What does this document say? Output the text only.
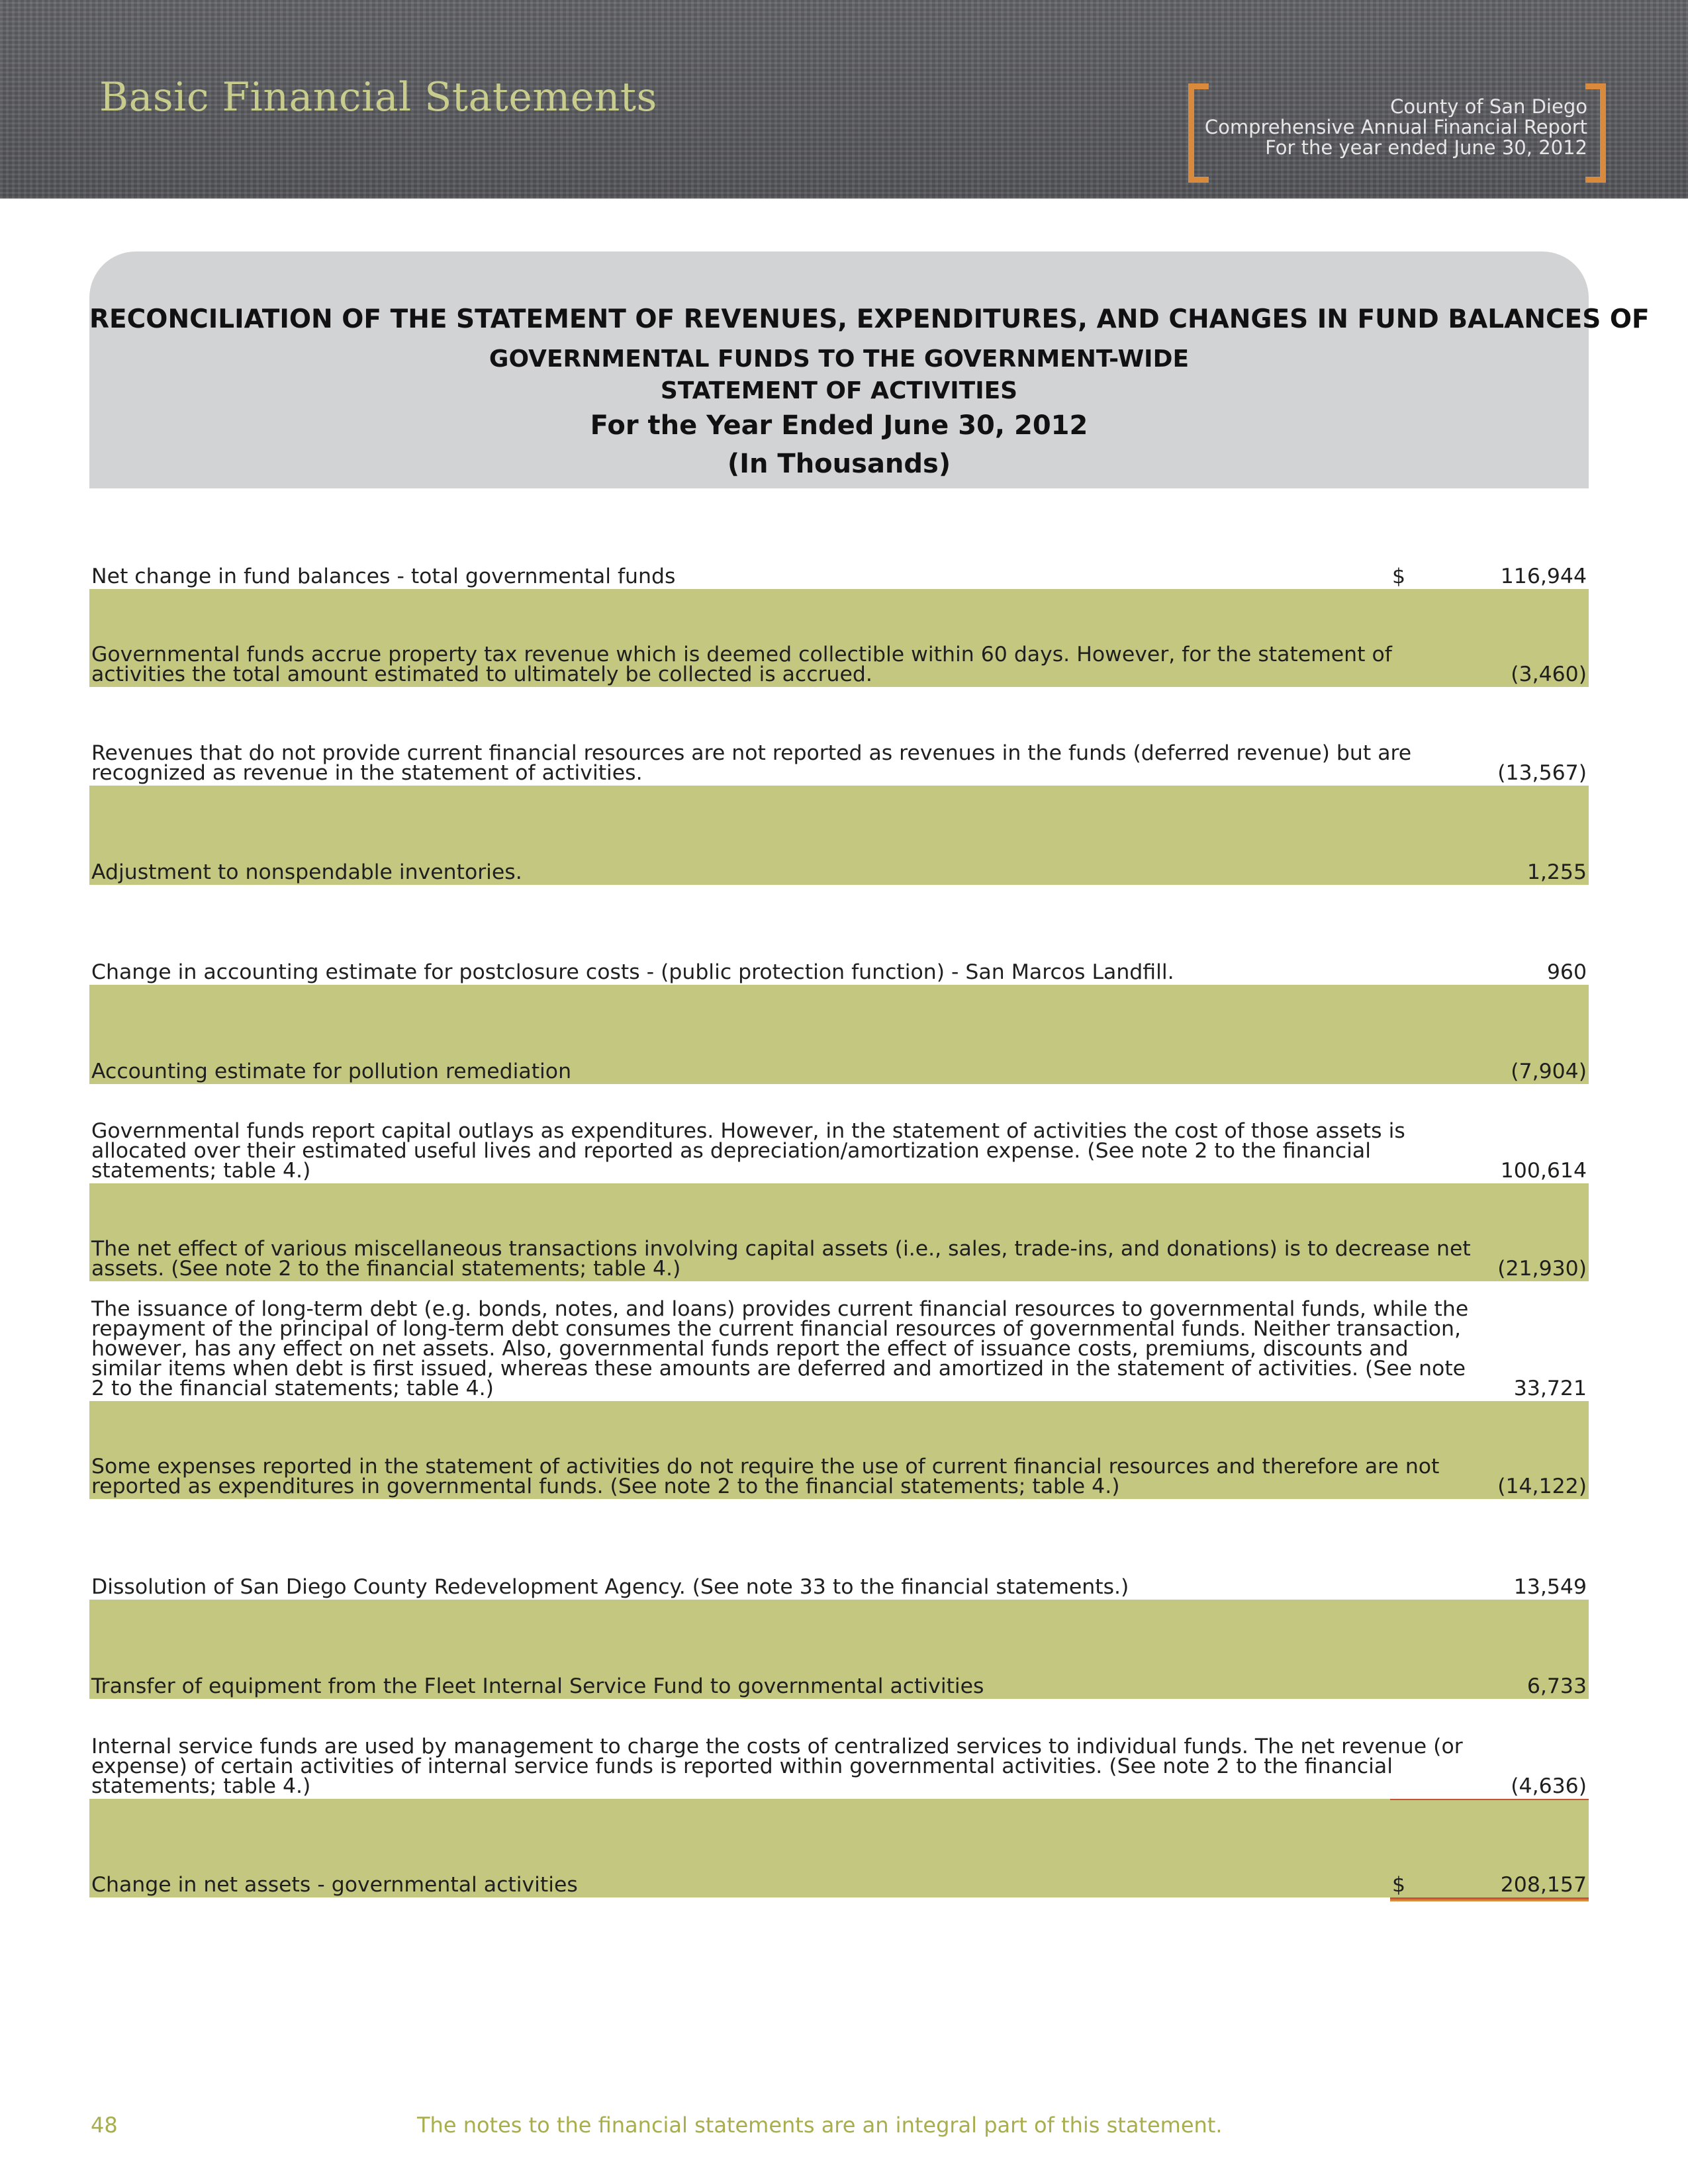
Basic Financial Statements	County of San Diego
Comprehensive Annual Financial Report
For the year ended June 30, 2012
RECONCILIATION OF THE STATEMENT OF REVENUES, EXPENDITURES, AND CHANGES IN FUND BALANCES OF
GOVERNMENTAL FUNDS TO THE GOVERNMENT-WIDE
STATEMENT OF ACTIVITIES
For the Year Ended June 30, 2012
(In Thousands)
Net change in fund balances - total governmental funds	$	116,944
Governmental funds accrue property tax revenue which is deemed collectible within 60 days. However, for the statement of activities the total amount estimated to ultimately be collected is accrued.	(3,460)
Revenues that do not provide current financial resources are not reported as revenues in the funds (deferred revenue) but are recognized as revenue in the statement of activities.	(13,567)
Adjustment to nonspendable inventories.	1,255
Change in accounting estimate for postclosure costs - (public protection function) - San Marcos Landfill.	960
Accounting estimate for pollution remediation	(7,904)
Governmental funds report capital outlays as expenditures. However, in the statement of activities the cost of those assets is allocated over their estimated useful lives and reported as depreciation/amortization expense. (See note 2 to the financial statements; table 4.)	100,614
The net effect of various miscellaneous transactions involving capital assets (i.e., sales, trade-ins, and donations) is to decrease net assets. (See note 2 to the financial statements; table 4.)	(21,930)
The issuance of long-term debt (e.g. bonds, notes, and loans) provides current financial resources to governmental funds, while the repayment of the principal of long-term debt consumes the current financial resources of governmental funds. Neither transaction, however, has any effect on net assets. Also, governmental funds report the effect of issuance costs, premiums, discounts and similar items when debt is first issued, whereas these amounts are deferred and amortized in the statement of activities. (See note 2 to the financial statements; table 4.)	33,721
Some expenses reported in the statement of activities do not require the use of current financial resources and therefore are not reported as expenditures in governmental funds. (See note 2 to the financial statements; table 4.)	(14,122)
Dissolution of San Diego County Redevelopment Agency. (See note 33 to the financial statements.)	13,549
Transfer of equipment from the Fleet Internal Service Fund to governmental activities	6,733
Internal service funds are used by management to charge the costs of centralized services to individual funds. The net revenue (or expense) of certain activities of internal service funds is reported within governmental activities. (See note 2 to the financial statements; table 4.)	(4,636)
Change in net assets - governmental activities	$	208,157
48	The notes to the financial statements are an integral part of this statement.
